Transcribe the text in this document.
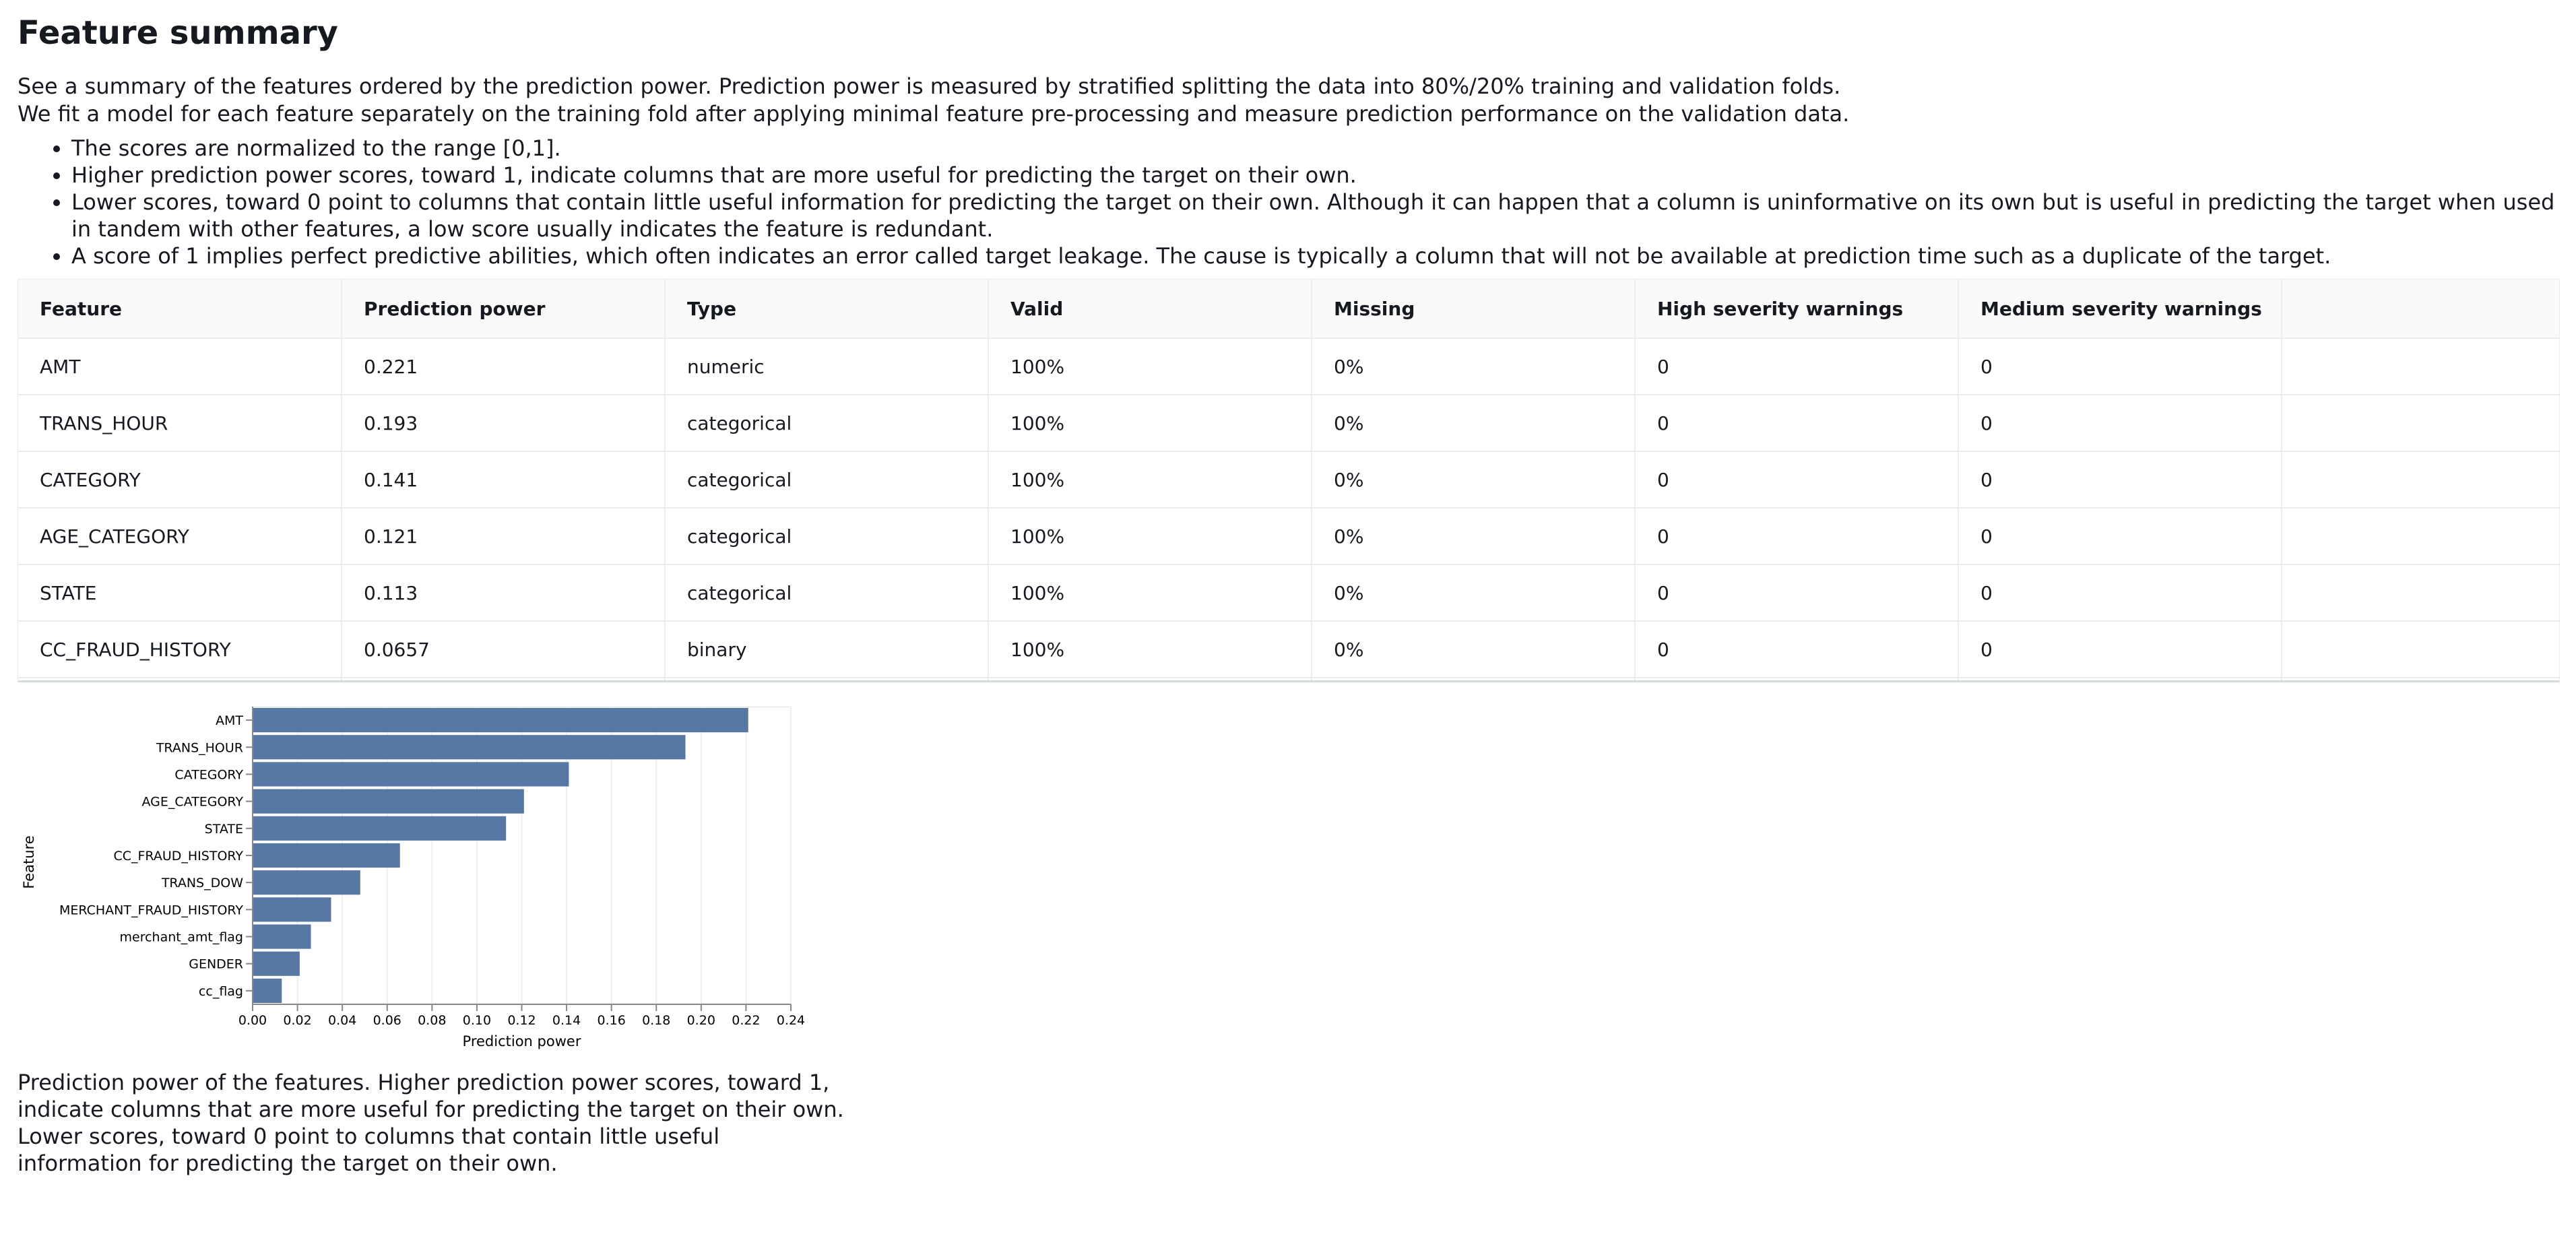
Feature summary
See a summary of the features ordered by the prediction power. Prediction power is measured by stratified splitting the data into 80%/20% training and validation folds.
We fit a model for each feature separately on the training fold after applying minimal feature pre-processing and measure prediction performance on the validation data.
• The scores are normalized to the range [0,1].
• Higher prediction power scores, toward 1, indicate columns that are more useful for predicting the target on their own.
• Lower scores, toward 0 point to columns that contain little useful information for predicting the target on their own. Although it can happen that a column is uninformative on its own but is useful in predicting the target when used in tandem with other features, a low score usually indicates the feature is redundant.
• A score of 1 implies perfect predictive abilities, which often indicates an error called target leakage. The cause is typically a column that will not be available at prediction time such as a duplicate of the target.
Feature	Prediction power	Type	Valid	Missing	High severity warnings	Medium severity warnings	
AMT	0.221	numeric	100%	0%	0	0	
TRANS_HOUR	0.193	categorical	100%	0%	0	0	
CATEGORY	0.141	categorical	100%	0%	0	0	
AGE_CATEGORY	0.121	categorical	100%	0%	0	0	
STATE	0.113	categorical	100%	0%	0	0	
CC_FRAUD_HISTORY	0.0657	binary	100%	0%	0	0	

0.00 0.02 0.04 0.06 0.08 0.10 0.12 0.14 0.16 0.18 0.20 0.22 0.24
AMT
TRANS_HOUR
CATEGORY
AGE_CATEGORY
STATE
CC_FRAUD_HISTORY
TRANS_DOW
MERCHANT_FRAUD_HISTORY
merchant_amt_flag
GENDER
cc_flag
Prediction power
Feature
Prediction power of the features. Higher prediction power scores, toward 1, indicate columns that are more useful for predicting the target on their own. Lower scores, toward 0 point to columns that contain little useful information for predicting the target on their own.
